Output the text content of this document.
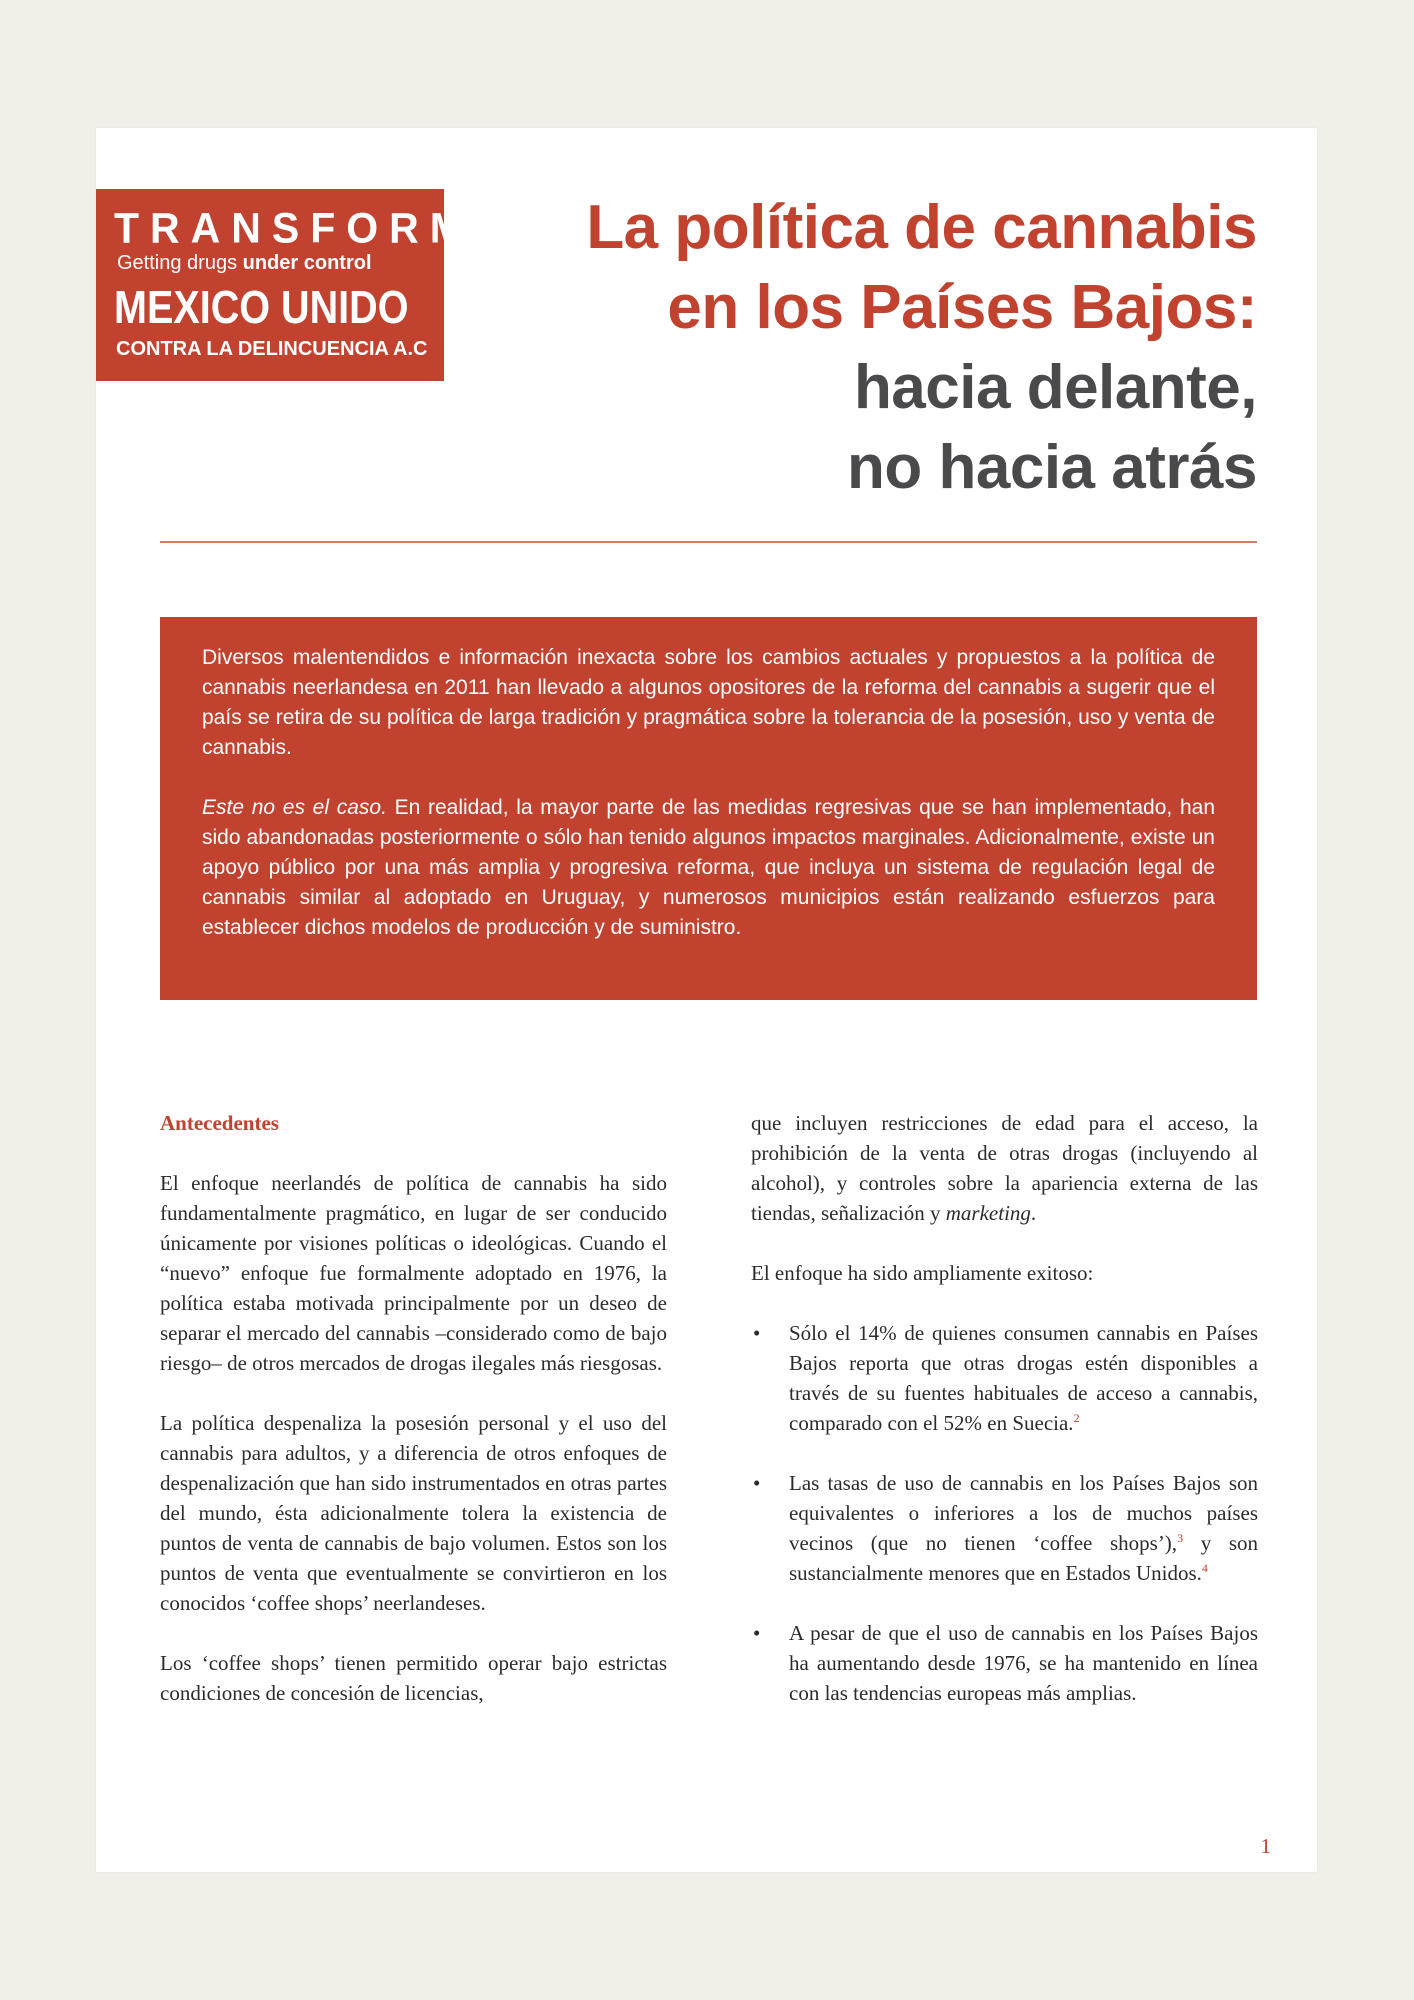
TRANSFORM
Getting drugs under control
MEXICO UNIDO
CONTRA LA DELINCUENCIA A.C
La política de cannabis
en los Países Bajos:
hacia delante,
no hacia atrás

Diversos malentendidos e información inexacta sobre los cambios actuales y propuestos a la política de cannabis neerlandesa en 2011 han llevado a algunos opositores de la reforma del cannabis a sugerir que el país se retira de su política de larga tradición y pragmática sobre la tolerancia de la posesión, uso y venta de cannabis.

Este no es el caso. En realidad, la mayor parte de las medidas regresivas que se han implementado, han sido abandonadas posteriormente o sólo han tenido algunos impactos marginales. Adicionalmente, existe un apoyo público por una más amplia y progresiva reforma, que incluya un sistema de regulación legal de cannabis similar al adoptado en Uruguay, y numerosos municipios están realizando esfuerzos para establecer dichos modelos de producción y de suministro.

Antecedentes

El enfoque neerlandés de política de cannabis ha sido fundamentalmente pragmático, en lugar de ser conducido únicamente por visiones políticas o ideológicas. Cuando el “nuevo” enfoque fue formalmente adoptado en 1976, la política estaba motivada principalmente por un deseo de separar el mercado del cannabis –considerado como de bajo riesgo– de otros mercados de drogas ilegales más riesgosas.

La política despenaliza la posesión personal y el uso del cannabis para adultos, y a diferencia de otros enfoques de despenalización que han sido instrumentados en otras partes del mundo, ésta adicionalmente tolera la existencia de puntos de venta de cannabis de bajo volumen. Estos son los puntos de venta que eventualmente se convirtieron en los conocidos ‘coffee shops’ neerlandeses.

Los ‘coffee shops’ tienen permitido operar bajo estrictas condiciones de concesión de licencias,

que incluyen restricciones de edad para el acceso, la prohibición de la venta de otras drogas (incluyendo al alcohol), y controles sobre la apariencia externa de las tiendas, señalización y marketing.

El enfoque ha sido ampliamente exitoso:

• Sólo el 14% de quienes consumen cannabis en Países Bajos reporta que otras drogas estén disponibles a través de su fuentes habituales de acceso a cannabis, comparado con el 52% en Suecia.$^2$
• Las tasas de uso de cannabis en los Países Bajos son equivalentes o inferiores a los de muchos países vecinos (que no tienen ‘coffee shops’),$^3$ y son sustancialmente menores que en Estados Unidos.$^4$
• A pesar de que el uso de cannabis en los Países Bajos ha aumentando desde 1976, se ha mantenido en línea con las tendencias europeas más amplias.
1
